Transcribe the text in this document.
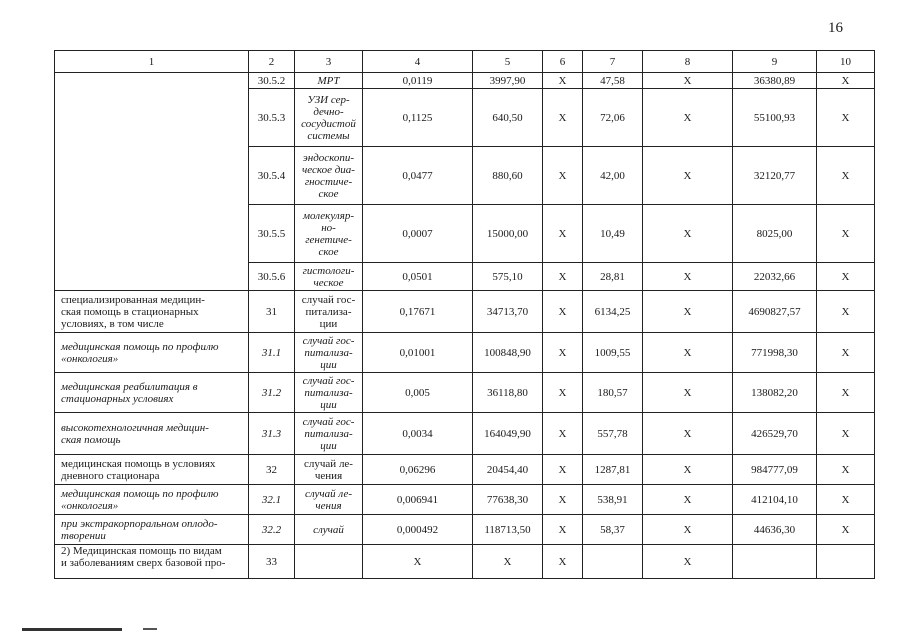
16
1	2	3	4	5	6	7	8	9	10
	30.5.2	МРТ	0,0119	3997,90	Х	47,58	Х	36380,89	Х
	30.5.3	УЗИ сер-
дечно-
сосудистой
системы	0,1125	640,50	Х	72,06	Х	55100,93	Х
	30.5.4	эндоскопи-
ческое диа-
гностиче-
ское	0,0477	880,60	Х	42,00	Х	32120,77	Х
	30.5.5	молекуляр-
но-
генетиче-
ское	0,0007	15000,00	Х	10,49	Х	8025,00	Х
	30.5.6	гистологи-
ческое	0,0501	575,10	Х	28,81	Х	22032,66	Х
специализированная медицин-
ская помощь в стационарных
условиях, в том числе	31	случай гос-
питализа-
ции	0,17671	34713,70	Х	6134,25	Х	4690827,57	Х
медицинская помощь по профилю
«онкология»	31.1	случай гос-
питализа-
ции	0,01001	100848,90	Х	1009,55	Х	771998,30	Х
медицинская реабилитация в
стационарных условиях	31.2	случай гос-
питализа-
ции	0,005	36118,80	Х	180,57	Х	138082,20	Х
высокотехнологичная медицин-
ская помощь	31.3	случай гос-
питализа-
ции	0,0034	164049,90	Х	557,78	Х	426529,70	Х
медицинская помощь в условиях
дневного стационара	32	случай ле-
чения	0,06296	20454,40	Х	1287,81	Х	984777,09	Х
медицинская помощь по профилю
«онкология»	32.1	случай ле-
чения	0,006941	77638,30	Х	538,91	Х	412104,10	Х
при экстракорпоральном оплодо-
творении	32.2	случай	0,000492	118713,50	Х	58,37	Х	44636,30	Х
2) Медицинская помощь по видам
и заболеваниям сверх базовой про-	33		Х	Х	Х		Х		
